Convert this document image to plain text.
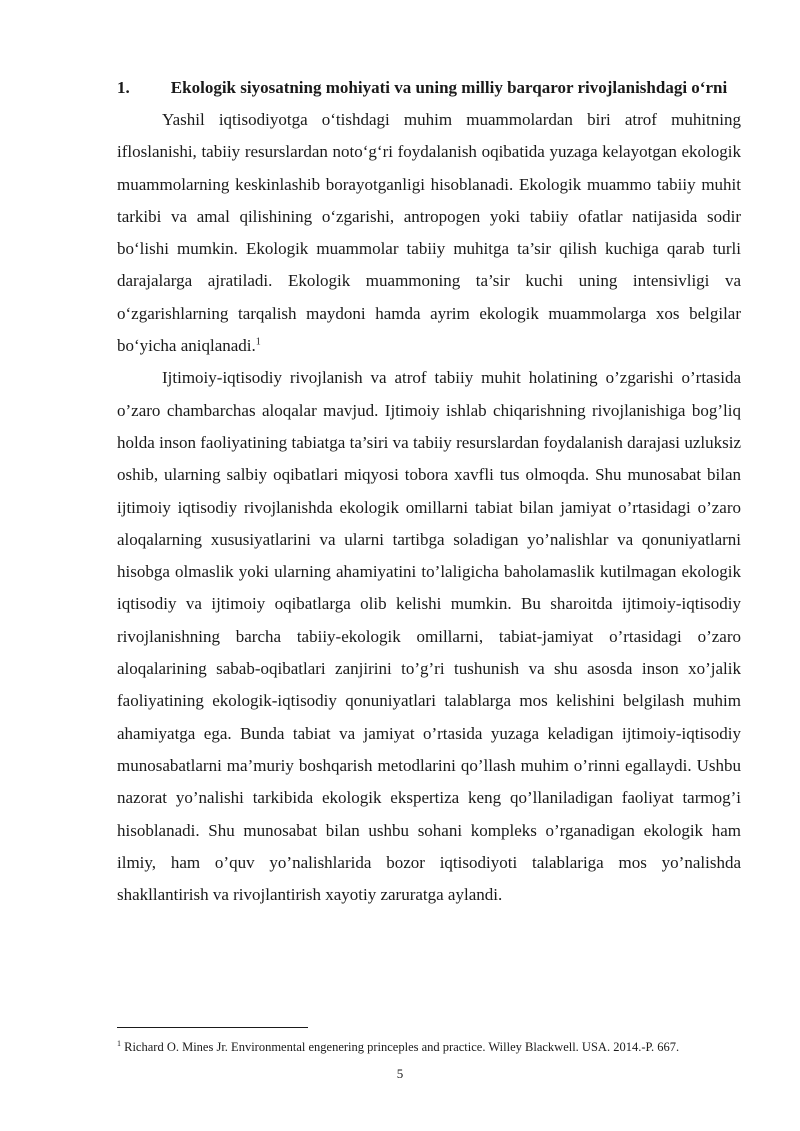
1.	Ekologik siyosatning mohiyati va uning milliy barqaror rivojlanishdagi o‘rni

Yashil iqtisodiyotga o‘tishdagi muhim muammolardan biri atrof muhitning ifloslanishi, tabiiy resurslardan noto‘g‘ri foydalanish oqibatida yuzaga kelayotgan ekologik muammolarning keskinlashib borayotganligi hisoblanadi. Ekologik muammo tabiiy muhit tarkibi va amal qilishining o‘zgarishi, antropogen yoki tabiiy ofatlar natijasida sodir bo‘lishi mumkin. Ekologik muammolar tabiiy muhitga ta’sir qilish kuchiga qarab turli darajalarga ajratiladi. Ekologik muammoning ta’sir kuchi uning intensivligi va o‘zgarishlarning tarqalish maydoni hamda ayrim ekologik muammolarga xos belgilar bo‘yicha aniqlanadi.$^1$

Ijtimoiy-iqtisodiy rivojlanish va atrof tabiiy muhit holatining o’zgarishi o’rtasida o’zaro chambarchas aloqalar mavjud. Ijtimoiy ishlab chiqarishning rivojlanishiga bog’liq holda inson faoliyatining tabiatga ta’siri va tabiiy resurslardan foydalanish darajasi uzluksiz oshib, ularning salbiy oqibatlari miqyosi tobora xavfli tus olmoqda. Shu munosabat bilan ijtimoiy iqtisodiy rivojlanishda ekologik omillarni tabiat bilan jamiyat o’rtasidagi o’zaro aloqalarning xususiyatlarini va ularni tartibga soladigan yo’nalishlar va qonuniyatlarni hisobga olmaslik yoki ularning ahamiyatini to’laligicha baholamaslik kutilmagan ekologik iqtisodiy va ijtimoiy oqibatlarga olib kelishi mumkin. Bu sharoitda ijtimoiy-iqtisodiy rivojlanishning barcha tabiiy-ekologik omillarni, tabiat-jamiyat o’rtasidagi o’zaro aloqalarining sabab-oqibatlari zanjirini to’g’ri tushunish va shu asosda inson xo’jalik faoliyatining ekologik-iqtisodiy qonuniyatlari talablarga mos kelishini belgilash muhim ahamiyatga ega. Bunda tabiat va jamiyat o’rtasida yuzaga keladigan ijtimoiy-iqtisodiy munosabatlarni ma’muriy boshqarish metodlarini qo’llash muhim o’rinni egallaydi. Ushbu nazorat yo’nalishi tarkibida ekologik ekspertiza keng qo’llaniladigan faoliyat tarmog’i hisoblanadi. Shu munosabat bilan ushbu sohani kompleks o’rganadigan ekologik ham ilmiy, ham o’quv yo’nalishlarida bozor iqtisodiyoti talablariga mos yo’nalishda shakllantirish va rivojlantirish xayotiy zaruratga aylandi.

$^1$ Richard O. Mines Jr. Environmental engenering princeples and practice. Willey Blackwell. USA. 2014.-P. 667.

5
